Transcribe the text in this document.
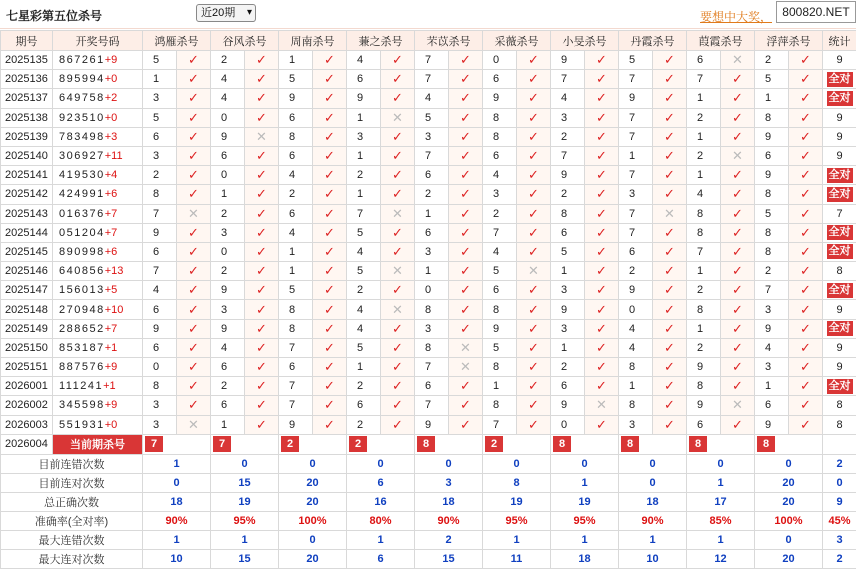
七星彩第五位杀号	近20期 ▾	要想中大奖， 800820.NET
期号	开奖号码	鸿雁杀号		谷风杀号		周南杀号		蒹之杀号		芣苡杀号		采薇杀号		小旻杀号		丹霞杀号		葭霞杀号		浮萍杀号		统计
2025135	867261+9	5	✓	2	✓	1	✓	4	✓	7	✓	0	✓	9	✓	5	✓	6	✕	2	✓	9
2025136	895994+0	1	✓	4	✓	5	✓	6	✓	7	✓	6	✓	7	✓	7	✓	7	✓	5	✓	全对
2025137	649758+2	3	✓	4	✓	9	✓	9	✓	4	✓	9	✓	4	✓	9	✓	1	✓	1	✓	全对
2025138	923510+0	5	✓	0	✓	6	✓	1	✕	5	✓	8	✓	3	✓	7	✓	2	✓	8	✓	9
2025139	783498+3	6	✓	9	✕	8	✓	3	✓	3	✓	8	✓	2	✓	7	✓	1	✓	9	✓	9
2025140	306927+11	3	✓	6	✓	6	✓	1	✓	7	✓	6	✓	7	✓	1	✓	2	✕	6	✓	9
2025141	419530+4	2	✓	0	✓	4	✓	2	✓	6	✓	4	✓	9	✓	7	✓	1	✓	9	✓	全对
2025142	424991+6	8	✓	1	✓	2	✓	1	✓	2	✓	3	✓	2	✓	3	✓	4	✓	8	✓	全对
2025143	016376+7	7	✕	2	✓	6	✓	7	✕	1	✓	2	✓	8	✓	7	✕	8	✓	5	✓	7
2025144	051204+7	9	✓	3	✓	4	✓	5	✓	6	✓	7	✓	6	✓	7	✓	8	✓	8	✓	全对
2025145	890998+6	6	✓	0	✓	1	✓	4	✓	3	✓	4	✓	5	✓	6	✓	7	✓	8	✓	全对
2025146	640856+13	7	✓	2	✓	1	✓	5	✕	1	✓	5	✕	1	✓	2	✓	1	✓	2	✓	8
2025147	156013+5	4	✓	9	✓	5	✓	2	✓	0	✓	6	✓	3	✓	9	✓	2	✓	7	✓	全对
2025148	270948+10	6	✓	3	✓	8	✓	4	✕	8	✓	8	✓	9	✓	0	✓	8	✓	3	✓	9
2025149	288652+7	9	✓	9	✓	8	✓	4	✓	3	✓	9	✓	3	✓	4	✓	1	✓	9	✓	全对
2025150	853187+1	6	✓	4	✓	7	✓	5	✓	8	✕	5	✓	1	✓	4	✓	2	✓	4	✓	9
2025151	887576+9	0	✓	6	✓	6	✓	1	✓	7	✕	8	✓	2	✓	8	✓	9	✓	3	✓	9
2026001	111241+1	8	✓	2	✓	7	✓	2	✓	6	✓	1	✓	6	✓	1	✓	8	✓	1	✓	全对
2026002	345598+9	3	✓	6	✓	7	✓	6	✓	7	✓	8	✓	9	✕	8	✓	9	✕	6	✓	8
2026003	551931+0	3	✕	1	✓	9	✓	2	✓	9	✓	7	✓	0	✓	3	✓	6	✓	9	✓	8
2026004	当前期杀号	7		7		2		2		8		2		8		8		8		8		
目前连错次数		1		0		0		0		0		0		0		0		0		0		2
目前连对次数		0		15		20		6		3		8		1		0		1		20		0
总正确次数		18		19		20		16		18		19		19		18		17		20		9
准确率(全对率)		90%		95%		100%		80%		90%		95%		95%		90%		85%		100%		45%
最大连错次数		1		1		0		1		2		1		1		1		1		0		3
最大连对次数		10		15		20		6		15		11		18		10		12		20		2
